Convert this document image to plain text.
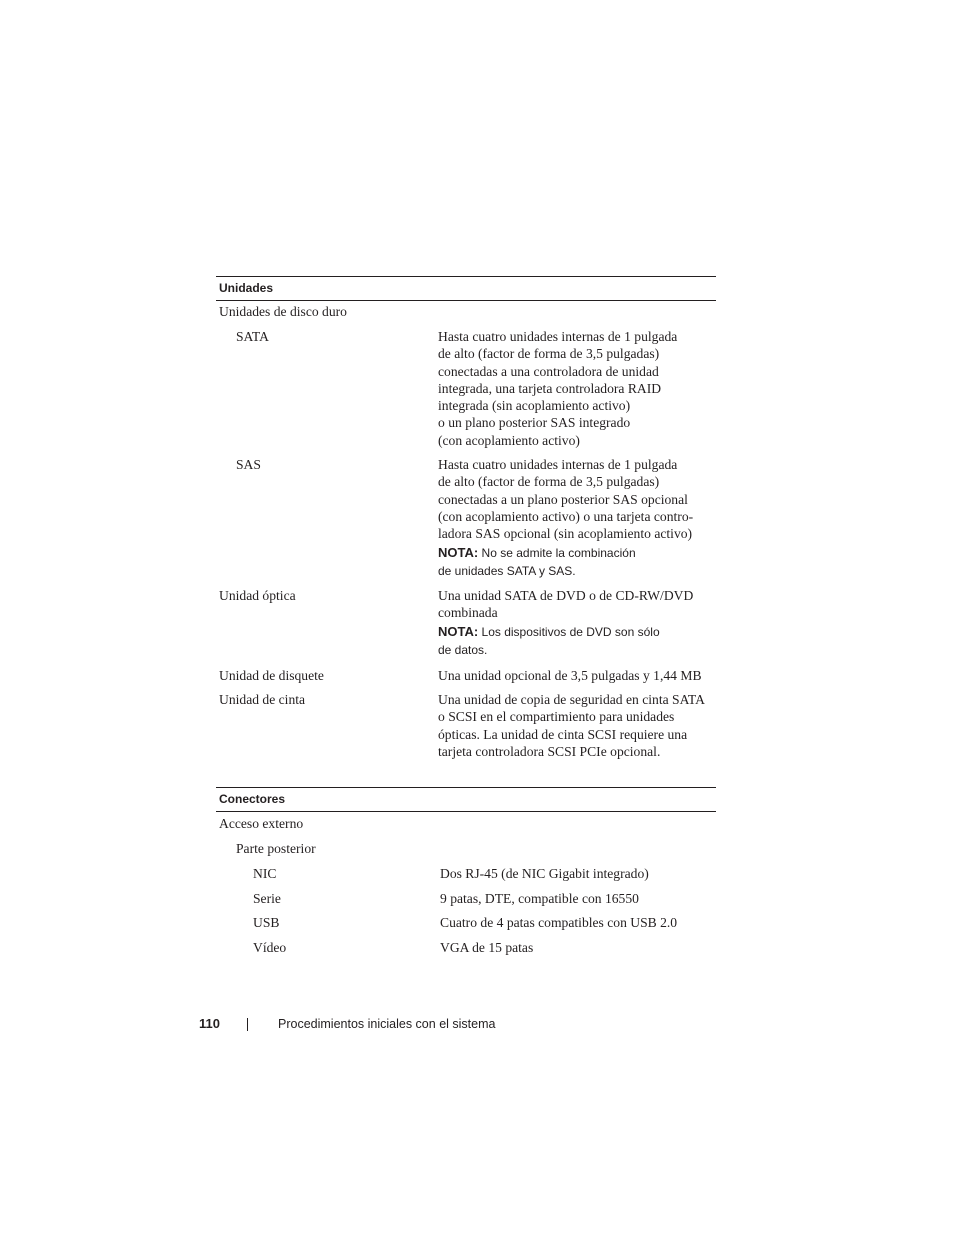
Unidades

Unidades de disco duro

SATA	Hasta cuatro unidades internas de 1 pulgada
de alto (factor de forma de 3,5 pulgadas)
conectadas a una controladora de unidad
integrada, una tarjeta controladora RAID
integrada (sin acoplamiento activo)
o un plano posterior SAS integrado
(con acoplamiento activo)

SAS	Hasta cuatro unidades internas de 1 pulgada
de alto (factor de forma de 3,5 pulgadas)
conectadas a un plano posterior SAS opcional
(con acoplamiento activo) o una tarjeta contro-
ladora SAS opcional (sin acoplamiento activo)

NOTA: No se admite la combinación
de unidades SATA y SAS.

Unidad óptica	Una unidad SATA de DVD o de CD-RW/DVD
combinada

NOTA: Los dispositivos de DVD son sólo
de datos.

Unidad de disquete	Una unidad opcional de 3,5 pulgadas y 1,44 MB

Unidad de cinta	Una unidad de copia de seguridad en cinta SATA
o SCSI en el compartimiento para unidades
ópticas. La unidad de cinta SCSI requiere una
tarjeta controladora SCSI PCIe opcional.

Conectores

Acceso externo

Parte posterior

NIC	Dos RJ-45 (de NIC Gigabit integrado)

Serie	9 patas, DTE, compatible con 16550

USB	Cuatro de 4 patas compatibles con USB 2.0

Vídeo	VGA de 15 patas

110	Procedimientos iniciales con el sistema
